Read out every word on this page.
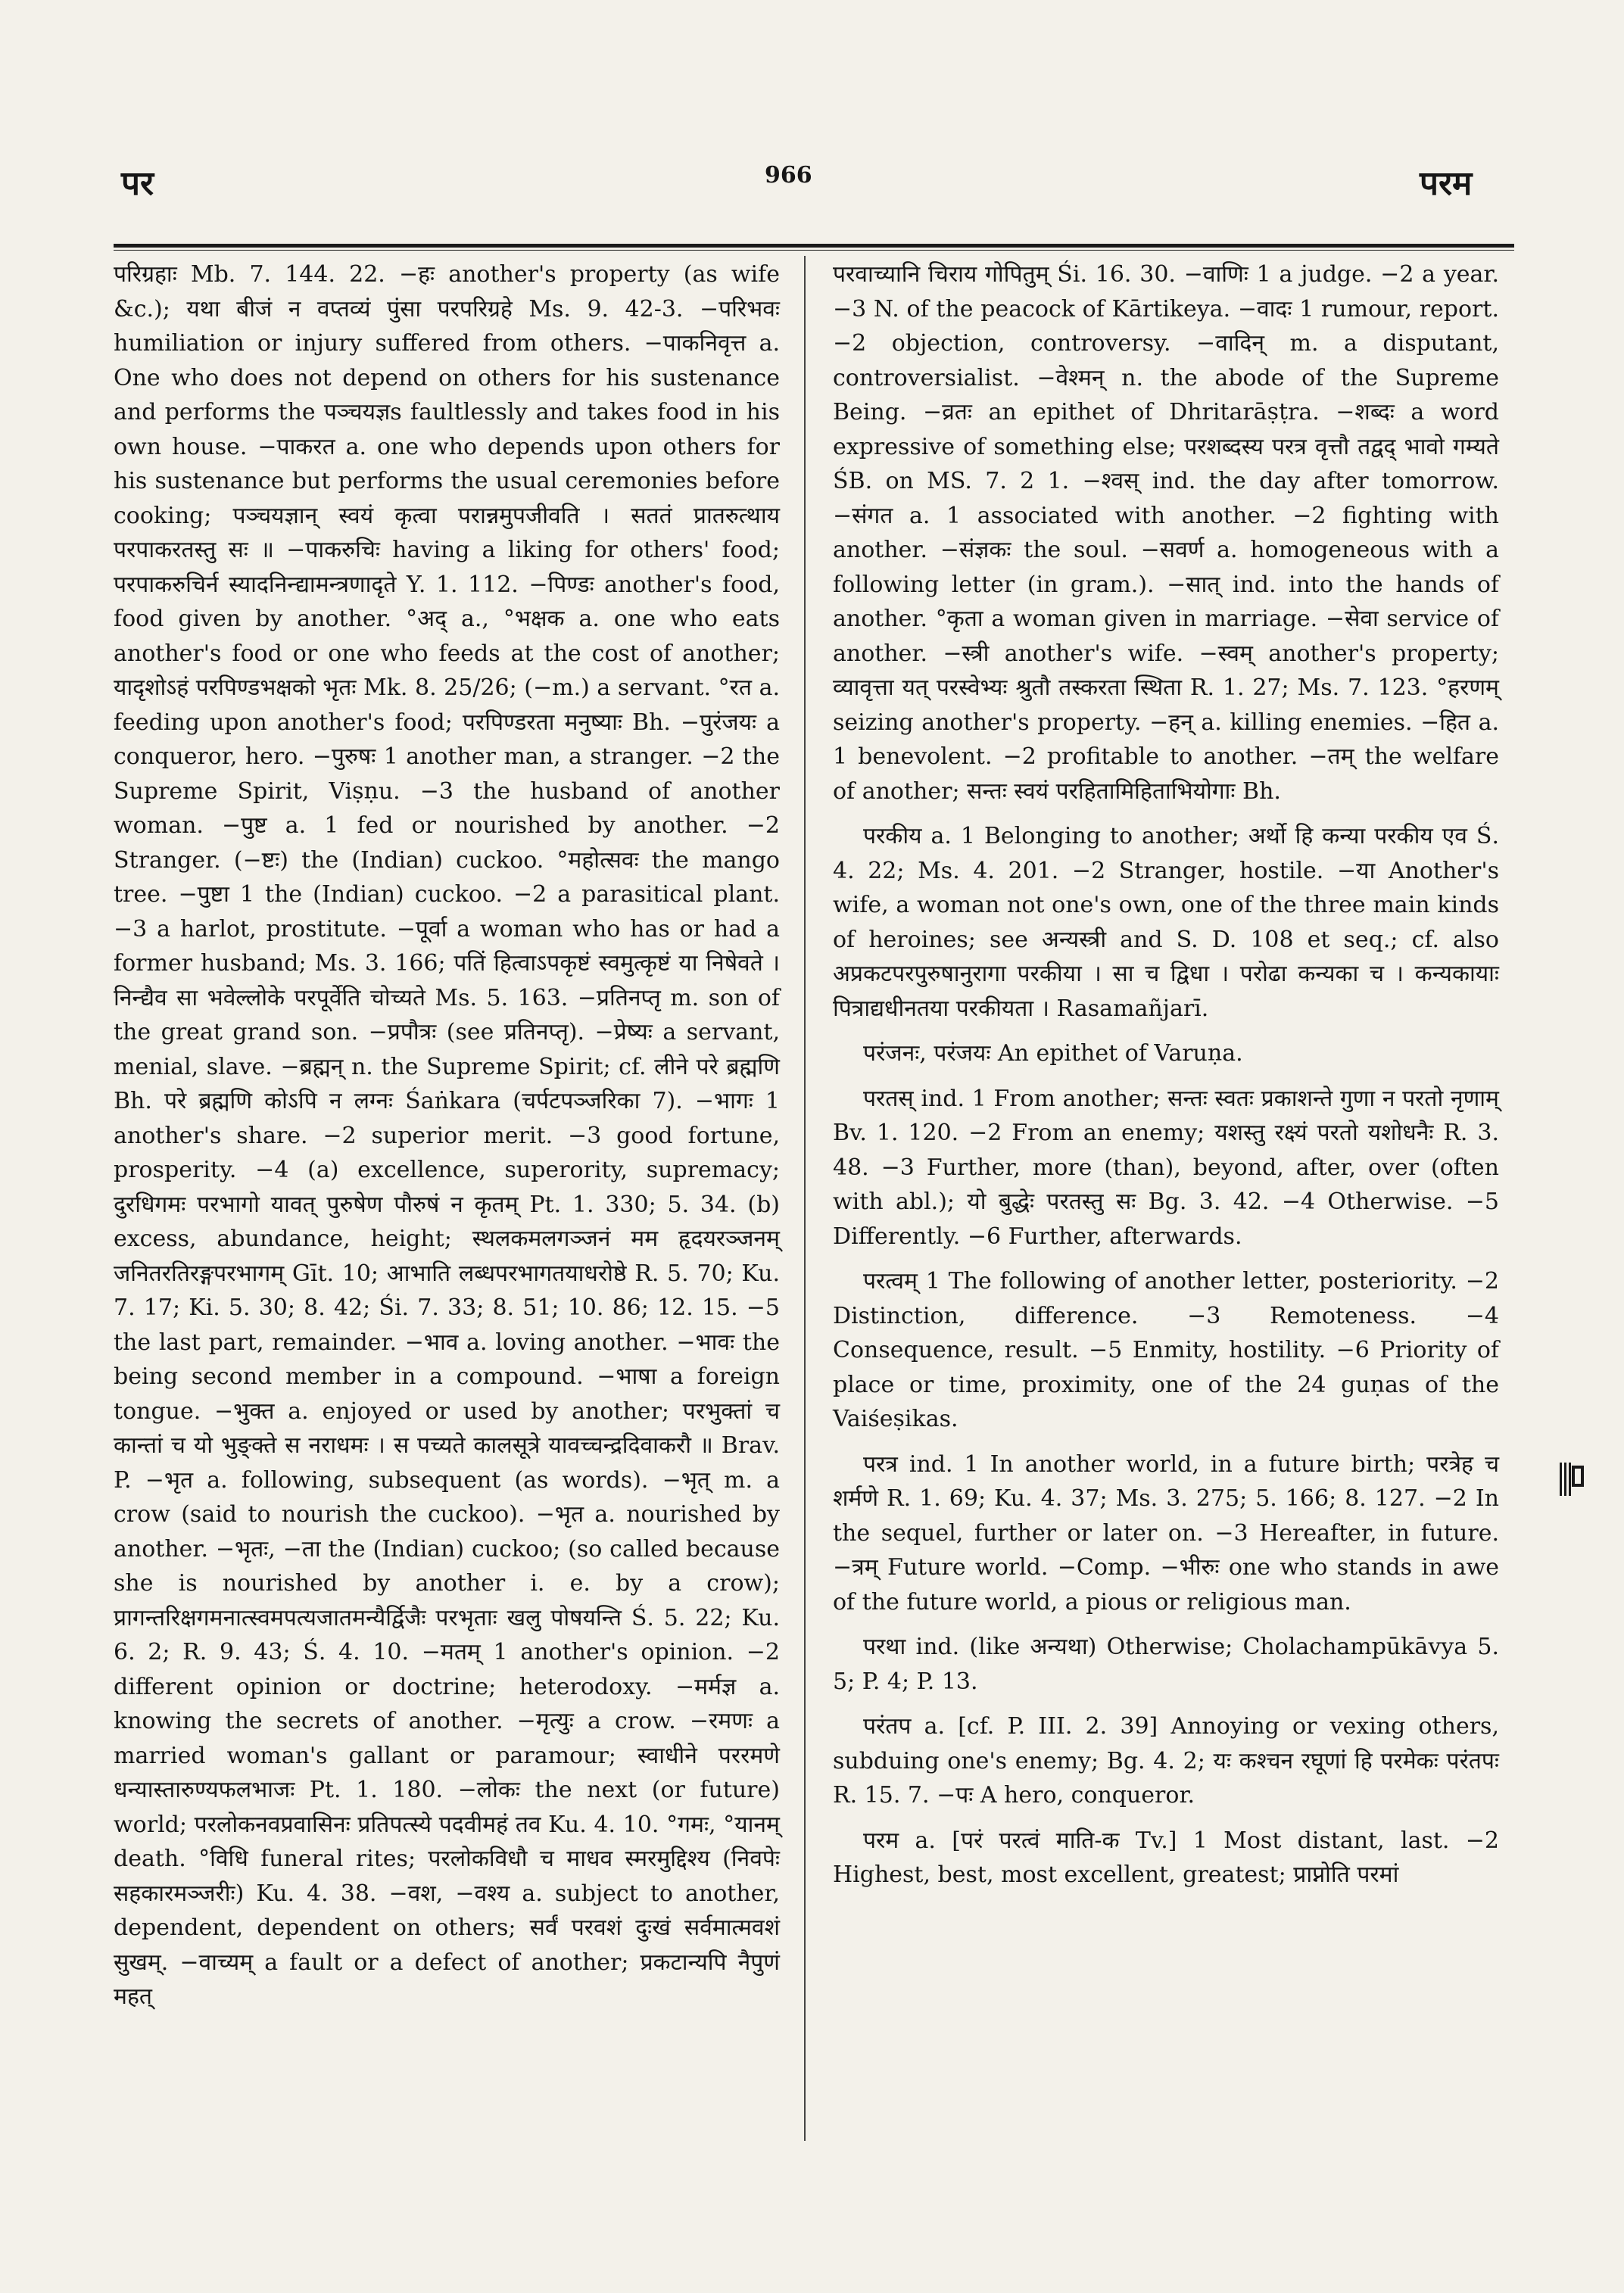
पर	966	परम

परिग्रहाः Mb. 7. 144. 22. −हः another's property (as wife &c.); यथा बीजं न वप्तव्यं पुंसा परपरिग्रहे Ms. 9. 42-3. −परिभवः humiliation or injury suffered from others. −पाकनिवृत्त a. One who does not depend on others for his sustenance and performs the पञ्चयज्ञs faultlessly and takes food in his own house. −पाकरत a. one who depends upon others for his sustenance but performs the usual ceremonies before cooking; पञ्चयज्ञान् स्वयं कृत्वा परान्नमुपजीवति । सततं प्रातरुत्थाय परपाकरतस्तु सः ॥ −पाकरुचिः having a liking for others' food; परपाकरुचिर्न स्यादनिन्द्यामन्त्रणादृते Y. 1. 112. −पिण्डः another's food, food given by another. °अद् a., °भक्षक a. one who eats another's food or one who feeds at the cost of another; यादृशोऽहं परपिण्डभक्षको भृतः Mk. 8. 25/26; (−m.) a servant. °रत a. feeding upon another's food; परपिण्डरता मनुष्याः Bh. −पुरंजयः a conqueror, hero. −पुरुषः 1 another man, a stranger. −2 the Supreme Spirit, Viṣṇu. −3 the husband of another woman. −पुष्ट a. 1 fed or nourished by another. −2 Stranger. (−ष्टः) the (Indian) cuckoo. °महोत्सवः the mango tree. −पुष्टा 1 the (Indian) cuckoo. −2 a parasitical plant. −3 a harlot, prostitute. −पूर्वा a woman who has or had a former husband; Ms. 3. 166; पतिं हित्वाऽपकृष्टं स्वमुत्कृष्टं या निषेवते । निन्द्यैव सा भवेल्लोके परपूर्वेति चोच्यते Ms. 5. 163. −प्रतिनप्तृ m. son of the great grand son. −प्रपौत्रः (see प्रतिनप्तृ). −प्रेष्यः a servant, menial, slave. −ब्रह्मन् n. the Supreme Spirit; cf. लीने परे ब्रह्मणि Bh. परे ब्रह्मणि कोऽपि न लग्नः Śaṅkara (चर्पटपञ्जरिका 7). −भागः 1 another's share. −2 superior merit. −3 good fortune, prosperity. −4 (a) excellence, superority, supremacy; दुरधिगमः परभागो यावत् पुरुषेण पौरुषं न कृतम् Pt. 1. 330; 5. 34. (b) excess, abundance, height; स्थलकमलगञ्जनं मम हृदयरञ्जनम् जनितरतिरङ्गपरभागम् Gīt. 10; आभाति लब्धपरभागतयाधरोष्ठे R. 5. 70; Ku. 7. 17; Ki. 5. 30; 8. 42; Śi. 7. 33; 8. 51; 10. 86; 12. 15. −5 the last part, remainder. −भाव a. loving another. −भावः the being second member in a compound. −भाषा a foreign tongue. −भुक्त a. enjoyed or used by another; परभुक्तां च कान्तां च यो भुङ्क्ते स नराधमः । स पच्यते कालसूत्रे यावच्चन्द्रदिवाकरौ ॥ Brav. P. −भृत a. following, subsequent (as words). −भृत् m. a crow (said to nourish the cuckoo). −भृत a. nourished by another. −भृतः, −ता the (Indian) cuckoo; (so called because she is nourished by another i. e. by a crow); प्रागन्तरिक्षगमनात्स्वमपत्यजातमन्यैर्द्विजैः परभृताः खलु पोषयन्ति Ś. 5. 22; Ku. 6. 2; R. 9. 43; Ś. 4. 10. −मतम् 1 another's opinion. −2 different opinion or doctrine; heterodoxy. −मर्मज्ञ a. knowing the secrets of another. −मृत्युः a crow. −रमणः a married woman's gallant or paramour; स्वाधीने पररमणे धन्यास्तारुण्यफलभाजः Pt. 1. 180. −लोकः the next (or future) world; परलोकनवप्रवासिनः प्रतिपत्स्ये पदवीमहं तव Ku. 4. 10. °गमः, °यानम् death. °विधि funeral rites; परलोकविधौ च माधव स्मरमुद्दिश्य (निवपेः सहकारमञ्जरीः) Ku. 4. 38. −वश, −वश्य a. subject to another, dependent, dependent on others; सर्वं परवशं दुःखं सर्वमात्मवशं सुखम्. −वाच्यम् a fault or a defect of another; प्रकटान्यपि नैपुणं महत्

परवाच्यानि चिराय गोपितुम् Śi. 16. 30. −वाणिः 1 a judge. −2 a year. −3 N. of the peacock of Kārtikeya. −वादः 1 rumour, report. −2 objection, controversy. −वादिन् m. a disputant, controversialist. −वेश्मन् n. the abode of the Supreme Being. −व्रतः an epithet of Dhritarāṣṭra. −शब्दः a word expressive of something else; परशब्दस्य परत्र वृत्तौ तद्वद् भावो गम्यते ŚB. on MS. 7. 2 1. −श्वस् ind. the day after tomorrow. −संगत a. 1 associated with another. −2 fighting with another. −संज्ञकः the soul. −सवर्ण a. homogeneous with a following letter (in gram.). −सात् ind. into the hands of another. °कृता a woman given in marriage. −सेवा service of another. −स्त्री another's wife. −स्वम् another's property; व्यावृत्ता यत् परस्वेभ्यः श्रुतौ तस्करता स्थिता R. 1. 27; Ms. 7. 123. °हरणम् seizing another's property. −हन् a. killing enemies. −हित a. 1 benevolent. −2 profitable to another. −तम् the welfare of another; सन्तः स्वयं परहितामिहिताभियोगाः Bh.

परकीय a. 1 Belonging to another; अर्थो हि कन्या परकीय एव Ś. 4. 22; Ms. 4. 201. −2 Stranger, hostile. −या Another's wife, a woman not one's own, one of the three main kinds of heroines; see अन्यस्त्री and S. D. 108 et seq.; cf. also अप्रकटपरपुरुषानुरागा परकीया । सा च द्विधा । परोढा कन्यका च । कन्यकायाः पित्राद्यधीनतया परकीयता । Rasamañjarī.

परंजनः, परंजयः An epithet of Varuṇa.

परतस् ind. 1 From another; सन्तः स्वतः प्रकाशन्ते गुणा न परतो नृणाम् Bv. 1. 120. −2 From an enemy; यशस्तु रक्ष्यं परतो यशोधनैः R. 3. 48. −3 Further, more (than), beyond, after, over (often with abl.); यो बुद्धेः परतस्तु सः Bg. 3. 42. −4 Otherwise. −5 Differently. −6 Further, afterwards.

परत्वम् 1 The following of another letter, posteriority. −2 Distinction, difference. −3 Remoteness. −4 Consequence, result. −5 Enmity, hostility. −6 Priority of place or time, proximity, one of the 24 guṇas of the Vaiśeṣikas.

परत्र ind. 1 In another world, in a future birth; परत्रेह च शर्मणे R. 1. 69; Ku. 4. 37; Ms. 3. 275; 5. 166; 8. 127. −2 In the sequel, further or later on. −3 Hereafter, in future. −त्रम् Future world. −Comp. −भीरुः one who stands in awe of the future world, a pious or religious man.

परथा ind. (like अन्यथा) Otherwise; Cholachampūkāvya 5. 5; P. 4; P. 13.

परंतप a. [cf. P. III. 2. 39] Annoying or vexing others, subduing one's enemy; Bg. 4. 2; यः कश्चन रघूणां हि परमेकः परंतपः R. 15. 7. −पः A hero, conqueror.

परम a. [परं परत्वं माति-क Tv.] 1 Most distant, last. −2 Highest, best, most excellent, greatest; प्राप्नोति परमां
